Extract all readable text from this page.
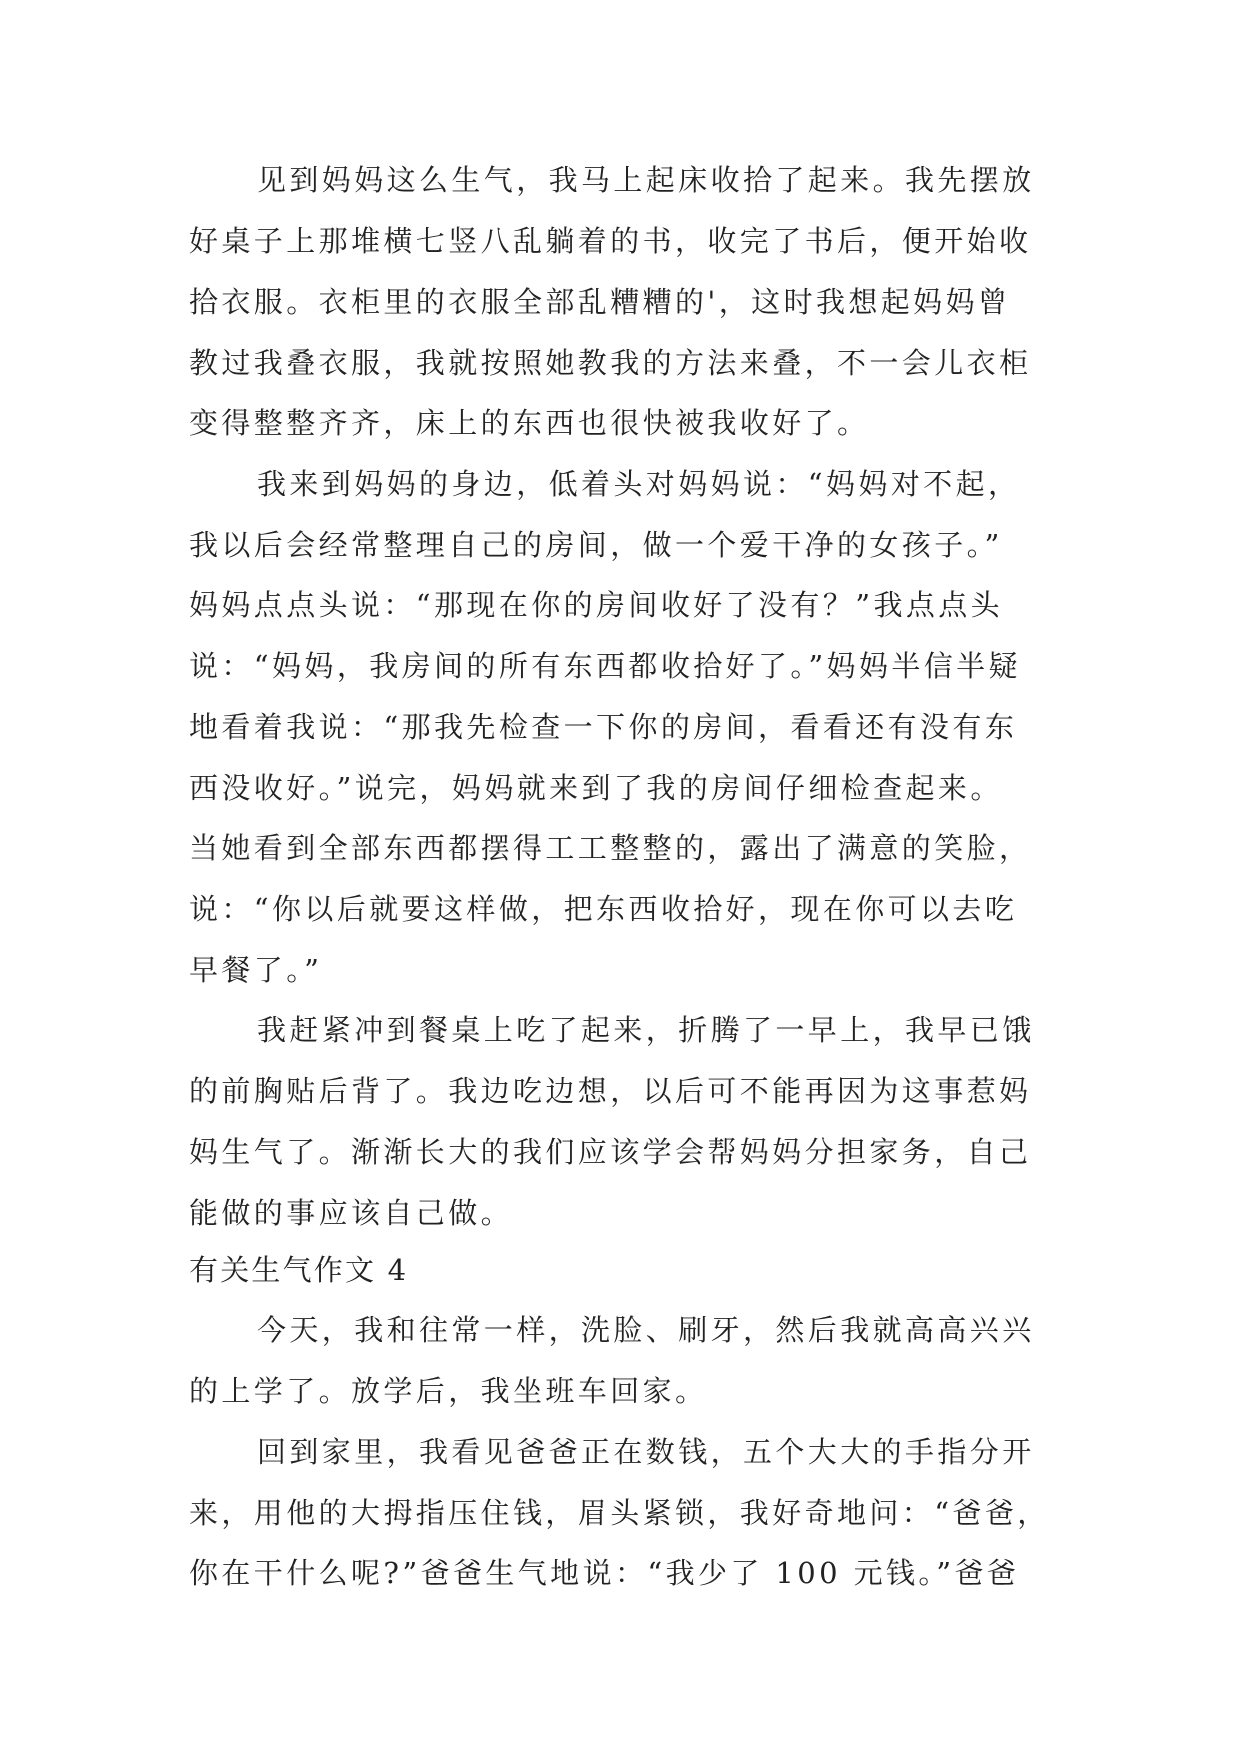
见到妈妈这么生气，我马上起床收拾了起来。我先摆放
好桌子上那堆横七竖八乱躺着的书，收完了书后，便开始收
拾衣服。衣柜里的衣服全部乱糟糟的'，这时我想起妈妈曾
教过我叠衣服，我就按照她教我的方法来叠，不一会儿衣柜
变得整整齐齐，床上的东西也很快被我收好了。
我来到妈妈的身边，低着头对妈妈说：“妈妈对不起，
我以后会经常整理自己的房间，做一个爱干净的女孩子。”
妈妈点点头说：“那现在你的房间收好了没有？”我点点头
说：“妈妈，我房间的所有东西都收拾好了。”妈妈半信半疑
地看着我说：“那我先检查一下你的房间，看看还有没有东
西没收好。”说完，妈妈就来到了我的房间仔细检查起来。
当她看到全部东西都摆得工工整整的，露出了满意的笑脸，
说：“你以后就要这样做，把东西收拾好，现在你可以去吃
早餐了。”
我赶紧冲到餐桌上吃了起来，折腾了一早上，我早已饿
的前胸贴后背了。我边吃边想，以后可不能再因为这事惹妈
妈生气了。渐渐长大的我们应该学会帮妈妈分担家务，自己
能做的事应该自己做。
有关生气作文 4
今天，我和往常一样，洗脸、刷牙，然后我就高高兴兴
的上学了。放学后，我坐班车回家。
回到家里，我看见爸爸正在数钱，五个大大的手指分开
来，用他的大拇指压住钱，眉头紧锁，我好奇地问：“爸爸，
你在干什么呢?”爸爸生气地说：“我少了 100 元钱。”爸爸
